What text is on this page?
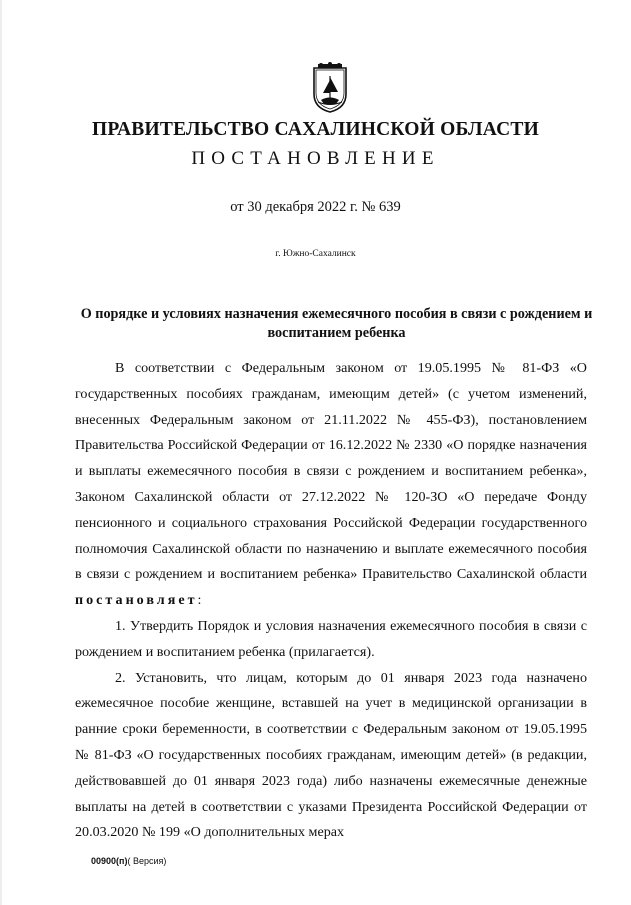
ПРАВИТЕЛЬСТВО САХАЛИНСКОЙ ОБЛАСТИ
ПОСТАНОВЛЕНИЕ
от 30 декабря 2022 г. № 639
г. Южно-Сахалинск
О порядке и условиях назначения ежемесячного пособия в связи с рождением и воспитанием ребенка

В соответствии с Федеральным законом от 19.05.1995 № 81-ФЗ «О государственных пособиях гражданам, имеющим детей» (с учетом изменений, внесенных Федеральным законом от 21.11.2022 № 455-ФЗ), постановлением Правительства Российской Федерации от 16.12.2022 № 2330 «О порядке назначения и выплаты ежемесячного пособия в связи с рождением и воспитанием ребенка», Законом Сахалинской области от 27.12.2022 № 120-ЗО «О передаче Фонду пенсионного и социального страхования Российской Федерации государственного полномочия Сахалинской области по назначению и выплате ежемесячного пособия в связи с рождением и воспитанием ребенка» Правительство Сахалинской области постановляет:

1. Утвердить Порядок и условия назначения ежемесячного пособия в связи с рождением и воспитанием ребенка (прилагается).

2. Установить, что лицам, которым до 01 января 2023 года назначено ежемесячное пособие женщине, вставшей на учет в медицинской организации в ранние сроки беременности, в соответствии с Федеральным законом от 19.05.1995 № 81-ФЗ «О государственных пособиях гражданам, имеющим детей» (в редакции, действовавшей до 01 января 2023 года) либо назначены ежемесячные денежные выплаты на детей в соответствии с указами Президента Российской Федерации от 20.03.2020 № 199 «О дополнительных мерах

00900(п)( Версия)
